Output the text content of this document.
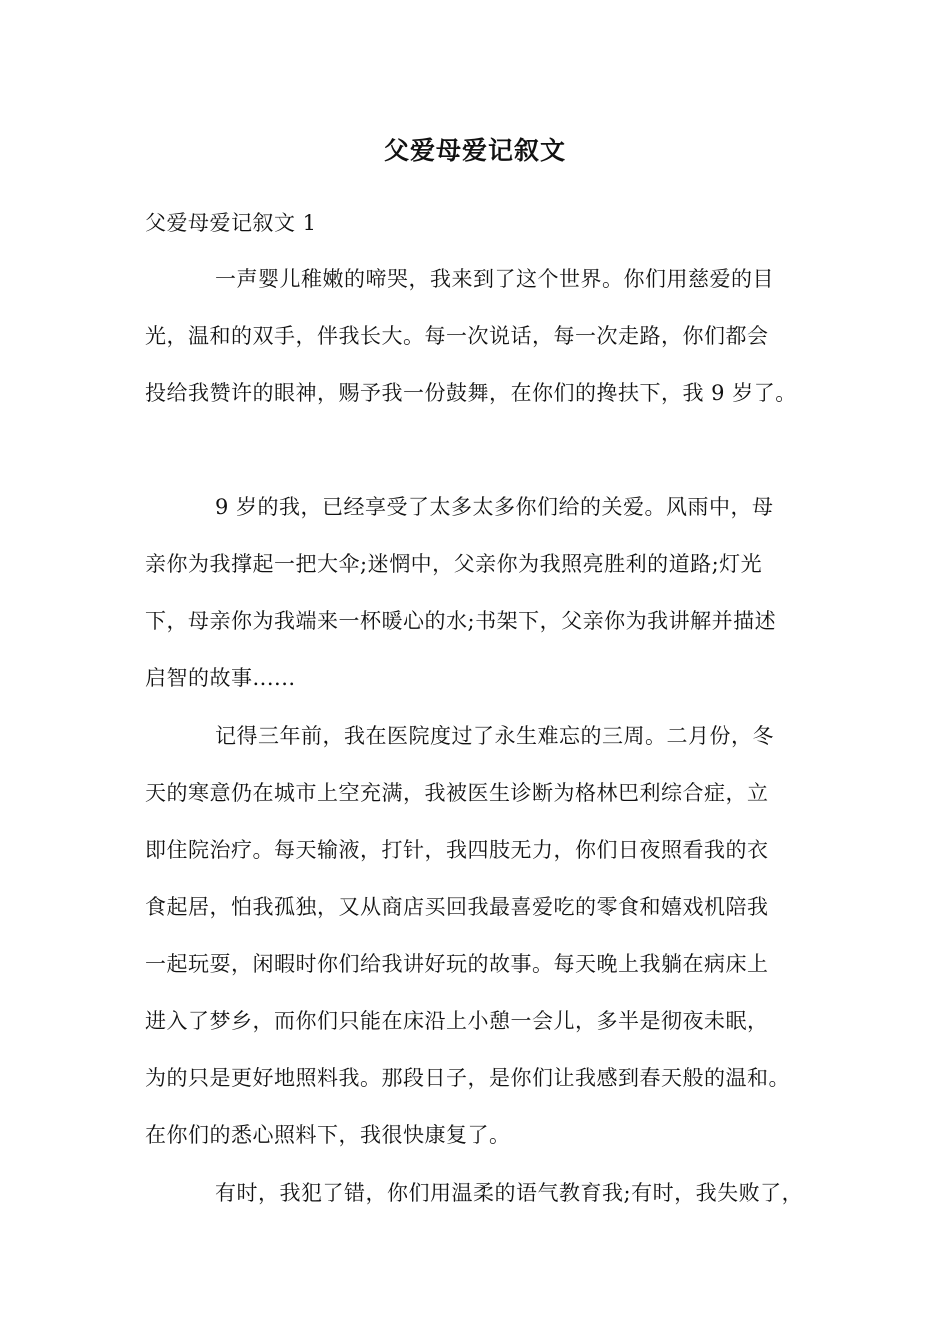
父爱母爱记叙文
父爱母爱记叙文 1
一声婴儿稚嫩的啼哭，我来到了这个世界。你们用慈爱的目
光，温和的双手，伴我长大。每一次说话，每一次走路，你们都会
投给我赞许的眼神，赐予我一份鼓舞，在你们的搀扶下，我 9 岁了。
9 岁的我，已经享受了太多太多你们给的关爱。风雨中，母
亲你为我撑起一把大伞;迷惘中，父亲你为我照亮胜利的道路;灯光
下，母亲你为我端来一杯暖心的水;书架下，父亲你为我讲解并描述
启智的故事......
记得三年前，我在医院度过了永生难忘的三周。二月份，冬
天的寒意仍在城市上空充满，我被医生诊断为格林巴利综合症，立
即住院治疗。每天输液，打针，我四肢无力，你们日夜照看我的衣
食起居，怕我孤独，又从商店买回我最喜爱吃的零食和嬉戏机陪我
一起玩耍，闲暇时你们给我讲好玩的故事。每天晚上我躺在病床上
进入了梦乡，而你们只能在床沿上小憩一会儿，多半是彻夜未眠，
为的只是更好地照料我。那段日子，是你们让我感到春天般的温和。
在你们的悉心照料下，我很快康复了。
有时，我犯了错，你们用温柔的语气教育我;有时，我失败了，
